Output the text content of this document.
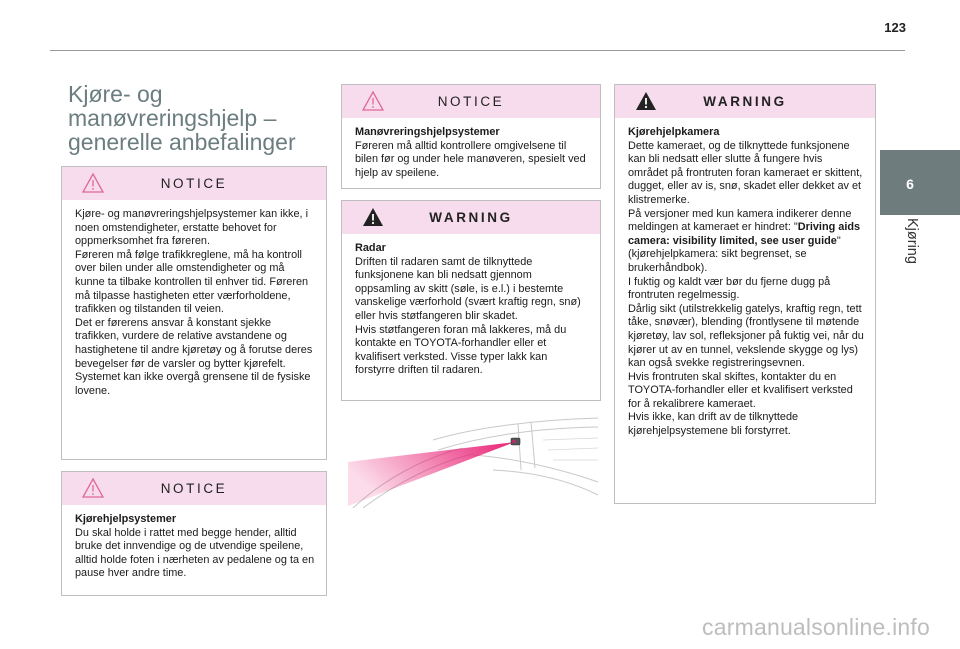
123
6
Kjøring
Kjøre- og manøvreringshjelp – generelle anbefalinger
NOTICE
Kjøre- og manøvreringshjelpsystemer kan ikke, i noen omstendigheter, erstatte behovet for oppmerksomhet fra føreren.
Føreren må følge trafikkreglene, må ha kontroll over bilen under alle omstendigheter og må kunne ta tilbake kontrollen til enhver tid. Føreren må tilpasse hastigheten etter værforholdene, trafikken og tilstanden til veien.
Det er førerens ansvar å konstant sjekke trafikken, vurdere de relative avstandene og hastighetene til andre kjøretøy og å forutse deres bevegelser før de varsler og bytter kjørefelt.
Systemet kan ikke overgå grensene til de fysiske lovene.
NOTICE
Kjørehjelpsystemer
Du skal holde i rattet med begge hender, alltid bruke det innvendige og de utvendige speilene, alltid holde foten i nærheten av pedalene og ta en pause hver andre time.
NOTICE
Manøvreringshjelpsystemer
Føreren må alltid kontrollere omgivelsene til bilen før og under hele manøveren, spesielt ved hjelp av speilene.
WARNING
Radar
Driften til radaren samt de tilknyttede funksjonene kan bli nedsatt gjennom oppsamling av skitt (søle, is e.l.) i bestemte vanskelige værforhold (svært kraftig regn, snø) eller hvis støtfangeren blir skadet.
Hvis støtfangeren foran må lakkeres, må du kontakte en TOYOTA-forhandler eller et kvalifisert verksted. Visse typer lakk kan forstyrre driften til radaren.
WARNING
Kjørehjelpkamera
Dette kameraet, og de tilknyttede funksjonene kan bli nedsatt eller slutte å fungere hvis området på frontruten foran kameraet er skittent, dugget, eller av is, snø, skadet eller dekket av et klistremerke.
På versjoner med kun kamera indikerer denne meldingen at kameraet er hindret: "Driving aids camera: visibility limited, see user guide" (kjørehjelpkamera: sikt begrenset, se brukerhåndbok).
I fuktig og kaldt vær bør du fjerne dugg på frontruten regelmessig.
Dårlig sikt (utilstrekkelig gatelys, kraftig regn, tett tåke, snøvær), blending (frontlysene til møtende kjøretøy, lav sol, refleksjoner på fuktig vei, når du kjører ut av en tunnel, vekslende skygge og lys) kan også svekke registreringsevnen.
Hvis frontruten skal skiftes, kontakter du en TOYOTA-forhandler eller et kvalifisert verksted for å rekalibrere kameraet.
Hvis ikke, kan drift av de tilknyttede kjørehjelpsystemene bli forstyrret.
carmanualsonline.info
